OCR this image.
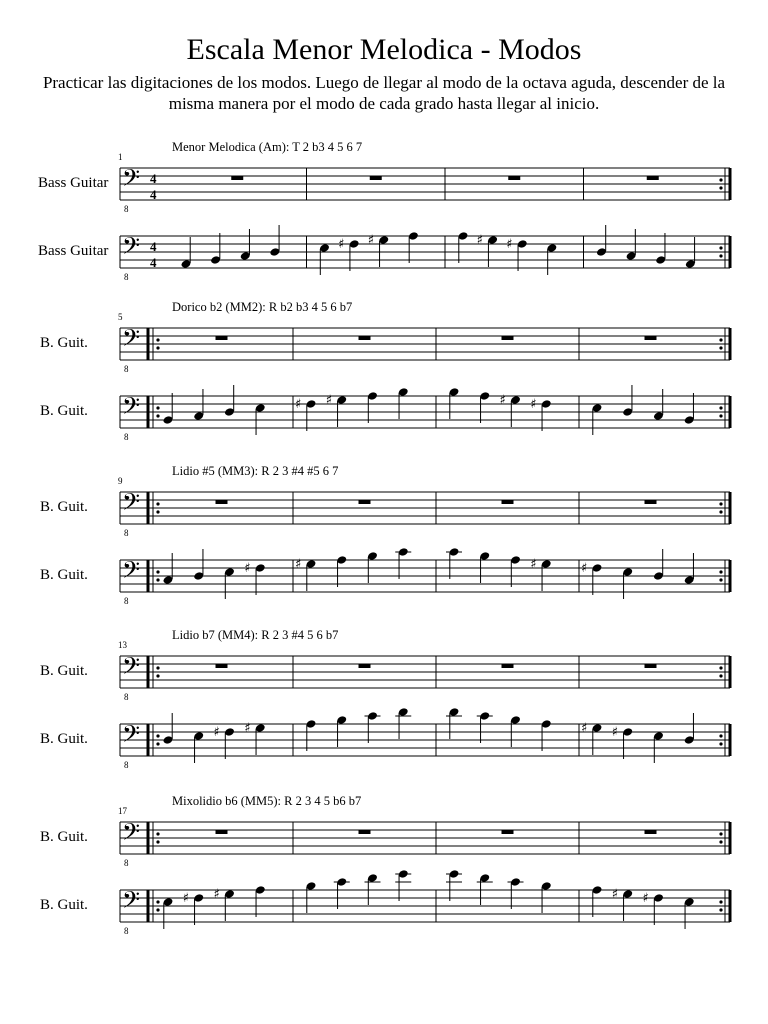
Escala Menor Melodica - Modos
Practicar las digitaciones de los modos. Luego de llegar al modo de la octava aguda, descender de la misma manera por el modo de cada grado hasta llegar al inicio.
1
Menor Melodica (Am): T 2 b3 4 5 6 7
Bass Guitar 𝄢
8
4
4
Bass Guitar 𝄢
8
4
4
♯ ♯	♯ ♯
5
Dorico b2 (MM2): R b2 b3 4 5 6 b7
B. Guit. 𝄢
8
B. Guit. 𝄢
8
♯ ♯	♯ ♯
9
Lidio #5 (MM3): R 2 3 #4 #5 6 7
B. Guit. 𝄢
8
B. Guit. 𝄢
8
♯	♯	♯	♯
13
Lidio b7 (MM4): R 2 3 #4 5 6 b7
B. Guit. 𝄢
8
B. Guit. 𝄢
8
♯ ♯	♯ ♯
17
Mixolidio b6 (MM5): R 2 3 4 5 b6 b7
B. Guit. 𝄢
8
B. Guit. 𝄢
8
♯ ♯	♯ ♯
